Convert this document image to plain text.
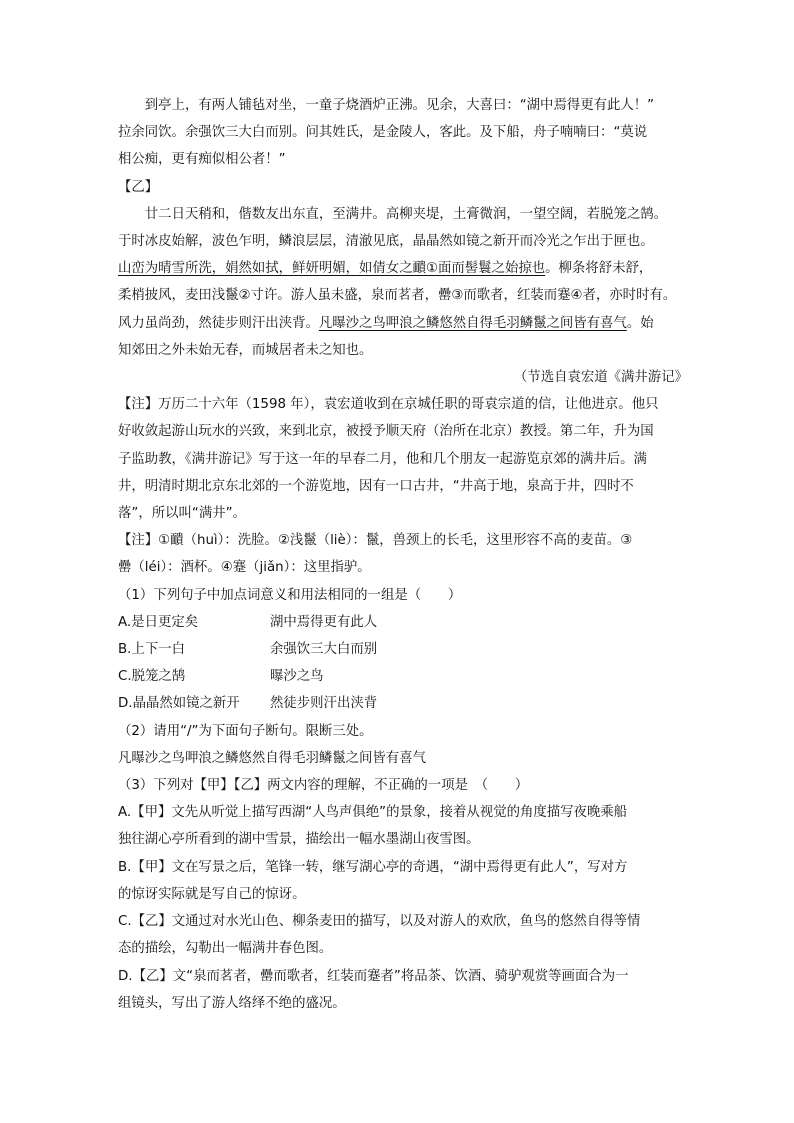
到亭上，有两人铺毡对坐，一童子烧酒炉正沸。见余，大喜曰：“湖中焉得更有此人！”

拉余同饮。余强饮三大白而别。问其姓氏，是金陵人，客此。及下船，舟子喃喃曰：“莫说

相公痴，更有痴似相公者！”

【乙】

廿二日天稍和，偕数友出东直，至满井。高柳夹堤，土膏微润，一望空阔，若脱笼之鹄。

于时冰皮始解，波色乍明，鳞浪层层，清澈见底，晶晶然如镜之新开而冷光之乍出于匣也。

山峦为晴雪所洗，娟然如拭，鲜妍明媚，如倩女之靧①面而髻鬟之始掠也。柳条将舒未舒，

柔梢披风，麦田浅鬣②寸许。游人虽未盛，泉而茗者，罍③而歌者，红装而蹇④者，亦时时有。

风力虽尚劲，然徒步则汗出浃背。凡曝沙之鸟呷浪之鳞悠然自得毛羽鳞鬣之间皆有喜气。始

知郊田之外未始无春，而城居者未之知也。

（节选自袁宏道《满井游记》

【注】万历二十六年（1598 年），袁宏道收到在京城任职的哥袁宗道的信，让他进京。他只

好收敛起游山玩水的兴致，来到北京，被授予顺天府（治所在北京）教授。第二年，升为国

子监助教，《满井游记》写于这一年的早春二月，他和几个朋友一起游览京郊的满井后。满

井，明清时期北京东北郊的一个游览地，因有一口古井，“井高于地，泉高于井，四时不

落”，所以叫“满井”。

【注】①靧（huì）：洗脸。②浅鬣（liè）：鬣，兽颈上的长毛，这里形容不高的麦苗。③

罍（léi）：酒杯。④蹇（jiǎn）：这里指驴。

（1）下列句子中加点词意义和用法相同的一组是（　　）

A.是日更定矣	湖中焉得更有此人
B.上下一白	余强饮三大白而别
C.脱笼之鹄	曝沙之鸟
D.晶晶然如镜之新开	然徒步则汗出浃背

（2）请用“/”为下面句子断句。限断三处。

凡曝沙之鸟呷浪之鳞悠然自得毛羽鳞鬣之间皆有喜气

（3）下列对【甲】【乙】两文内容的理解，不正确的一项是　（　　）

A.【甲】文先从听觉上描写西湖“人鸟声俱绝”的景象，接着从视觉的角度描写夜晚乘船

独往湖心亭所看到的湖中雪景，描绘出一幅水墨湖山夜雪图。

B.【甲】文在写景之后，笔锋一转，继写湖心亭的奇遇，“湖中焉得更有此人”，写对方

的惊讶实际就是写自己的惊讶。

C.【乙】文通过对水光山色、柳条麦田的描写，以及对游人的欢欣，鱼鸟的悠然自得等情

态的描绘，勾勒出一幅满井春色图。

D.【乙】文“泉而茗者，罍而歌者，红装而蹇者”将品茶、饮酒、骑驴观赏等画面合为一

组镜头，写出了游人络绎不绝的盛况。
